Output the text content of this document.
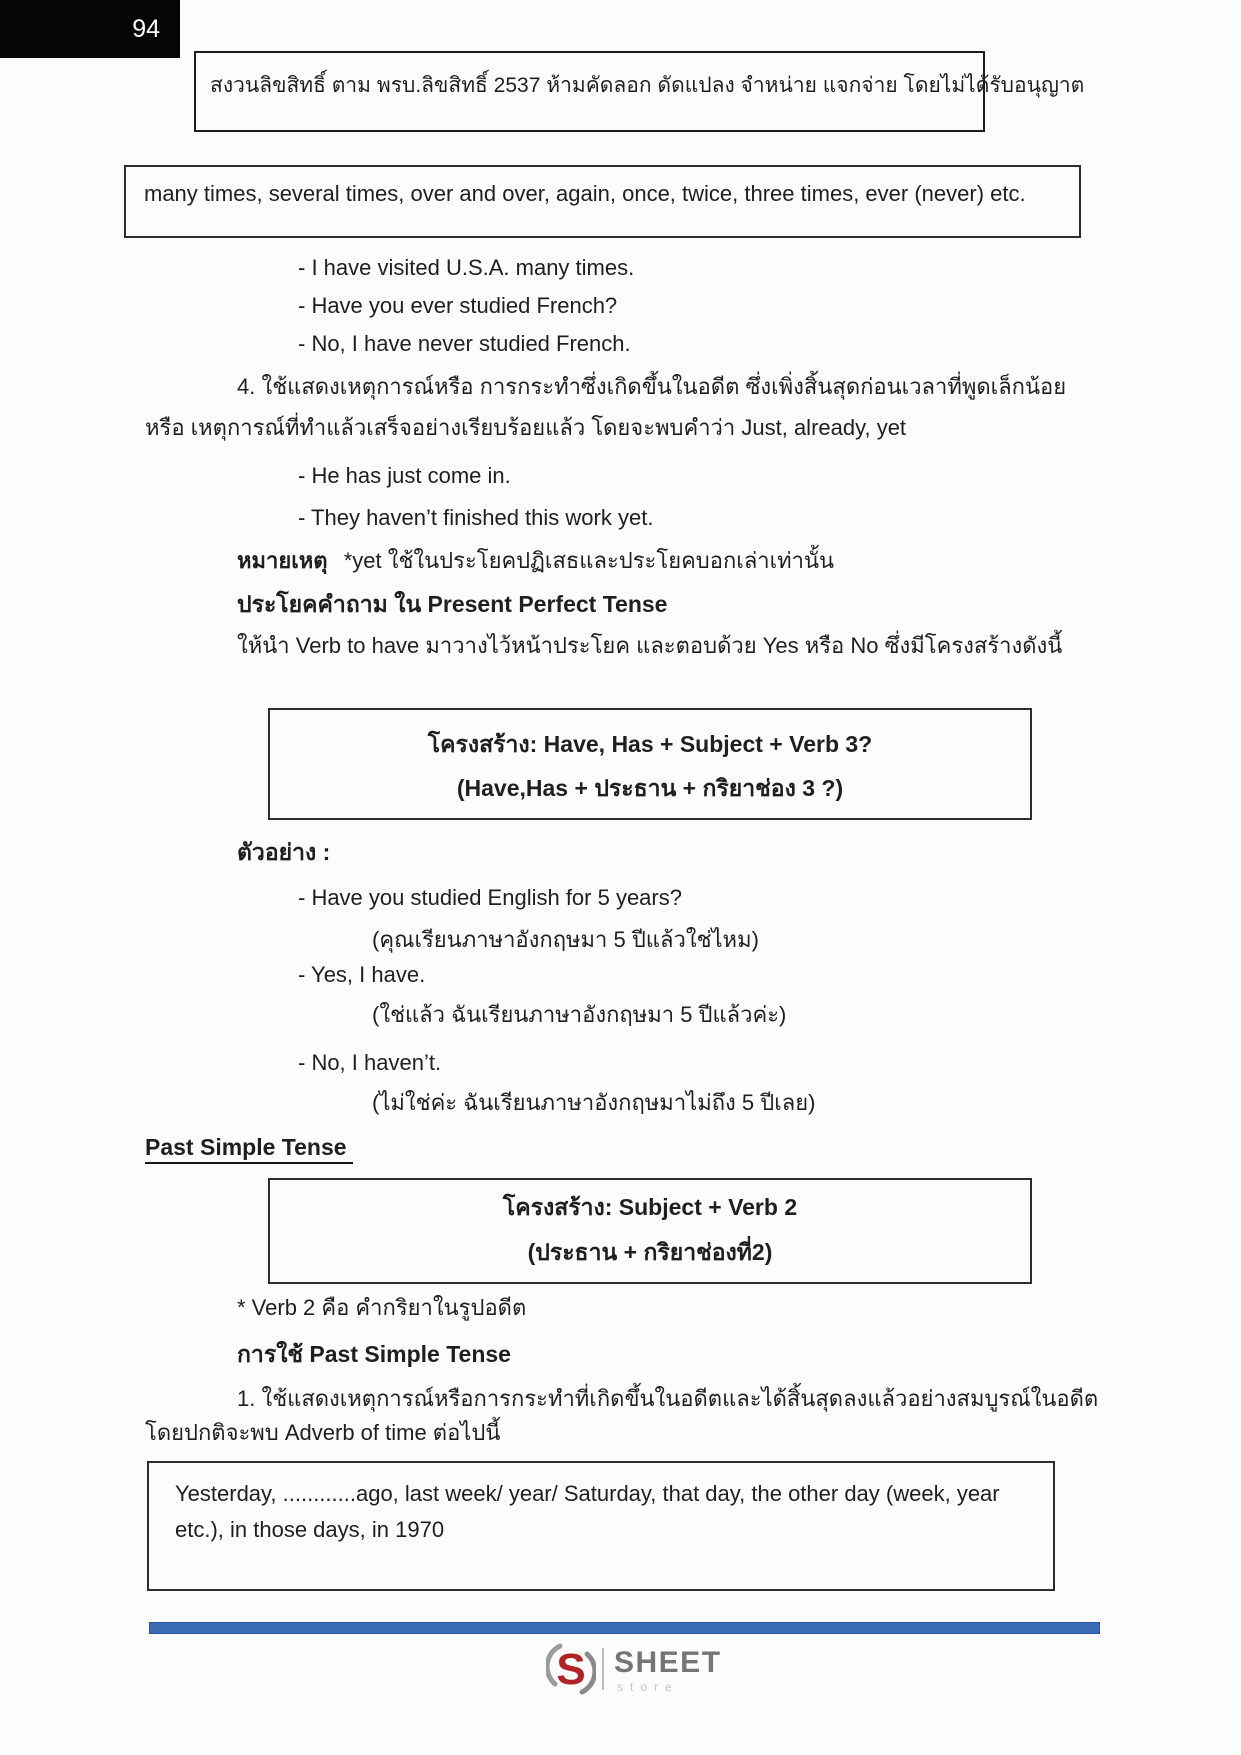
94
สงวนลิขสิทธิ์ ตาม พรบ.ลิขสิทธิ์ 2537 ห้ามคัดลอก ดัดแปลง จำหน่าย แจกจ่าย โดยไม่ได้รับอนุญาต
many times, several times, over and over, again, once, twice, three times, ever (never) etc.
- I have visited U.S.A. many times.
- Have you ever studied French?
- No, I have never studied French.
4. ใช้แสดงเหตุการณ์หรือ การกระทำซึ่งเกิดขึ้นในอดีต ซึ่งเพิ่งสิ้นสุดก่อนเวลาที่พูดเล็กน้อย
หรือ เหตุการณ์ที่ทำแล้วเสร็จอย่างเรียบร้อยแล้ว โดยจะพบคำว่า Just, already, yet
- He has just come in.
- They haven’t finished this work yet.
หมายเหตุ *yet ใช้ในประโยคปฏิเสธและประโยคบอกเล่าเท่านั้น
ประโยคคำถาม ใน Present Perfect Tense
ให้นำ Verb to have มาวางไว้หน้าประโยค และตอบด้วย Yes หรือ No ซึ่งมีโครงสร้างดังนี้
โครงสร้าง: Have, Has + Subject + Verb 3?
(Have,Has + ประธาน + กริยาช่อง 3 ?)
ตัวอย่าง :
- Have you studied English for 5 years?
(คุณเรียนภาษาอังกฤษมา 5 ปีแล้วใช่ไหม)
- Yes, I have.
(ใช่แล้ว ฉันเรียนภาษาอังกฤษมา 5 ปีแล้วค่ะ)
- No, I haven’t.
(ไม่ใช่ค่ะ ฉันเรียนภาษาอังกฤษมาไม่ถึง 5 ปีเลย)
Past Simple Tense
โครงสร้าง: Subject + Verb 2
(ประธาน + กริยาช่องที่2)
* Verb 2 คือ คำกริยาในรูปอดีต
การใช้ Past Simple Tense
1. ใช้แสดงเหตุการณ์หรือการกระทำที่เกิดขึ้นในอดีตและได้สิ้นสุดลงแล้วอย่างสมบูรณ์ในอดีต
โดยปกติจะพบ Adverb of time ต่อไปนี้
Yesterday, ............ago, last week/ year/ Saturday, that day, the other day (week, year
etc.), in those days, in 1970
S SHEET
store
